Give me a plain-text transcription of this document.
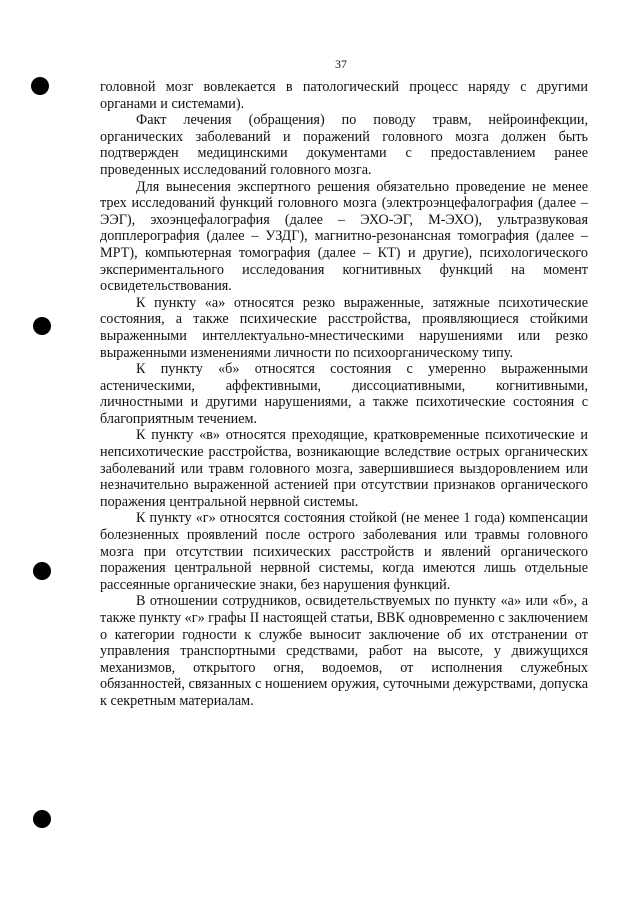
37

головной мозг вовлекается в патологический процесс наряду с другими органами и системами).

Факт лечения (обращения) по поводу травм, нейроинфекции, органических заболеваний и поражений головного мозга должен быть подтвержден медицинскими документами с предоставлением ранее проведенных исследований головного мозга.

Для вынесения экспертного решения обязательно проведение не менее трех исследований функций головного мозга (электроэнцефалография (далее – ЭЭГ), эхоэнцефалография (далее – ЭХО-ЭГ, М-ЭХО), ультразвуковая допплерография (далее – УЗДГ), магнитно-резонансная томография (далее – МРТ), компьютерная томография (далее – КТ) и другие), психологического экспериментального исследования когнитивных функций на момент освидетельствования.

К пункту «а» относятся резко выраженные, затяжные психотические состояния, а также психические расстройства, проявляющиеся стойкими выраженными интеллектуально-мнестическими нарушениями или резко выраженными изменениями личности по психоорганическому типу.

К пункту «б» относятся состояния с умеренно выраженными астеническими, аффективными, диссоциативными, когнитивными, личностными и другими нарушениями, а также психотические состояния с благоприятным течением.

К пункту «в» относятся преходящие, кратковременные психотические и непсихотические расстройства, возникающие вследствие острых органических заболеваний или травм головного мозга, завершившиеся выздоровлением или незначительно выраженной астенией при отсутствии признаков органического поражения центральной нервной системы.

К пункту «г» относятся состояния стойкой (не менее 1 года) компенсации болезненных проявлений после острого заболевания или травмы головного мозга при отсутствии психических расстройств и явлений органического поражения центральной нервной системы, когда имеются лишь отдельные рассеянные органические знаки, без нарушения функций.

В отношении сотрудников, освидетельствуемых по пункту «а» или «б», а также пункту «г» графы II настоящей статьи, ВВК одновременно с заключением о категории годности к службе выносит заключение об их отстранении от управления транспортными средствами, работ на высоте, у движущихся механизмов, открытого огня, водоемов, от исполнения служебных обязанностей, связанных с ношением оружия, суточными дежурствами, допуска к секретным материалам.
